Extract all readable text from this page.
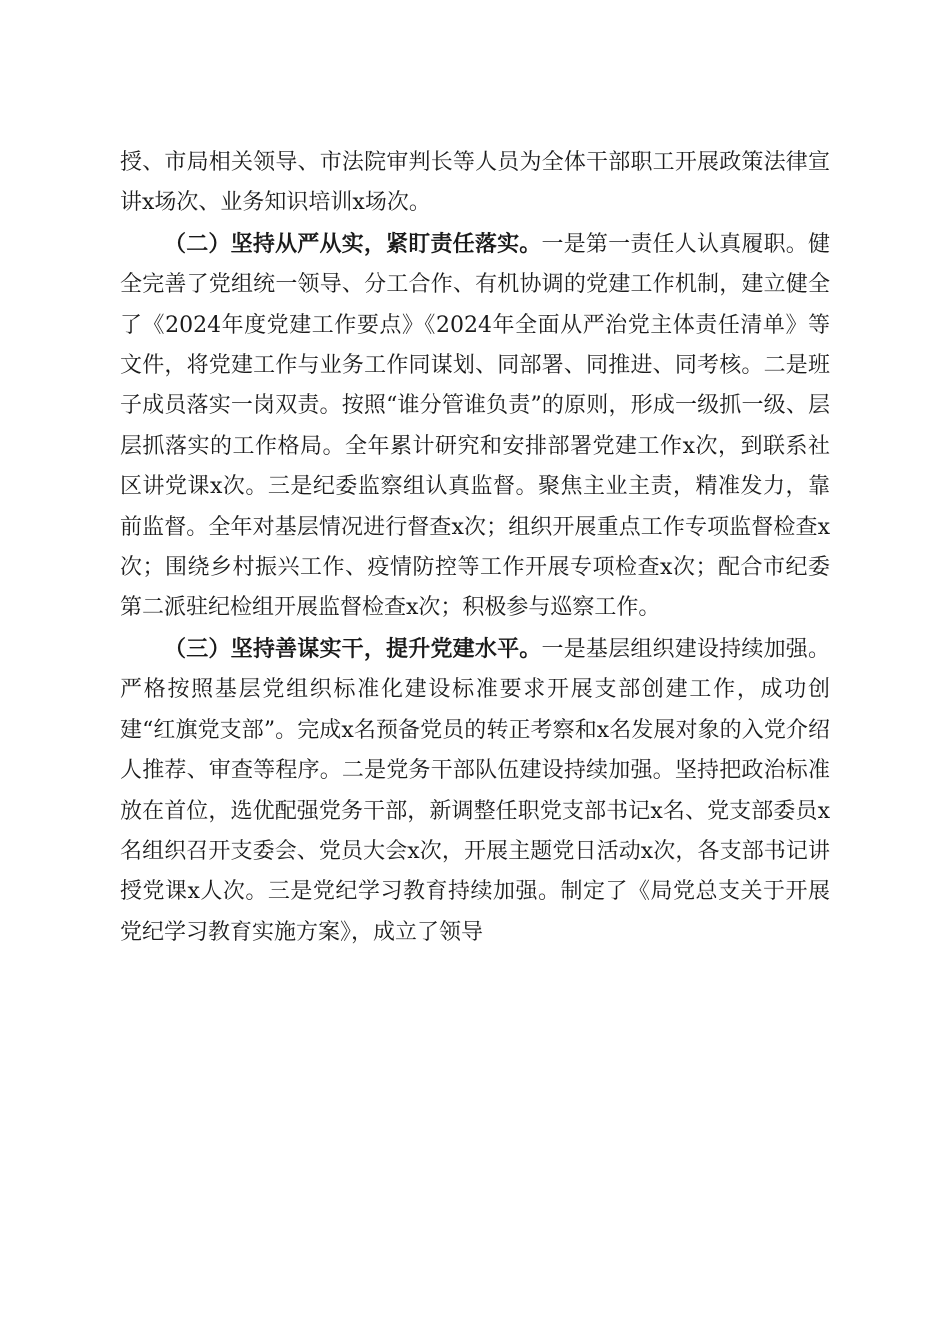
授、市局相关领导、市法院审判长等人员为全体干部职工开展政策法律宣讲x场次、业务知识培训x场次。

（二）坚持从严从实，紧盯责任落实。一是第一责任人认真履职。健全完善了党组统一领导、分工合作、有机协调的党建工作机制，建立健全了《2024年度党建工作要点》《2024年全面从严治党主体责任清单》等文件，将党建工作与业务工作同谋划、同部署、同推进、同考核。二是班子成员落实一岗双责。按照“谁分管谁负责”的原则，形成一级抓一级、层层抓落实的工作格局。全年累计研究和安排部署党建工作x次，到联系社区讲党课x次。三是纪委监察组认真监督。聚焦主业主责，精准发力，靠前监督。全年对基层情况进行督查x次；组织开展重点工作专项监督检查x次；围绕乡村振兴工作、疫情防控等工作开展专项检查x次；配合市纪委第二派驻纪检组开展监督检查x次；积极参与巡察工作。

（三）坚持善谋实干，提升党建水平。一是基层组织建设持续加强。严格按照基层党组织标准化建设标准要求开展支部创建工作，成功创建“红旗党支部”。完成x名预备党员的转正考察和x名发展对象的入党介绍人推荐、审查等程序。二是党务干部队伍建设持续加强。坚持把政治标准放在首位，选优配强党务干部，新调整任职党支部书记x名、党支部委员x名组织召开支委会、党员大会x次，开展主题党日活动x次，各支部书记讲授党课x人次。三是党纪学习教育持续加强。制定了《局党总支关于开展党纪学习教育实施方案》，成立了领导
